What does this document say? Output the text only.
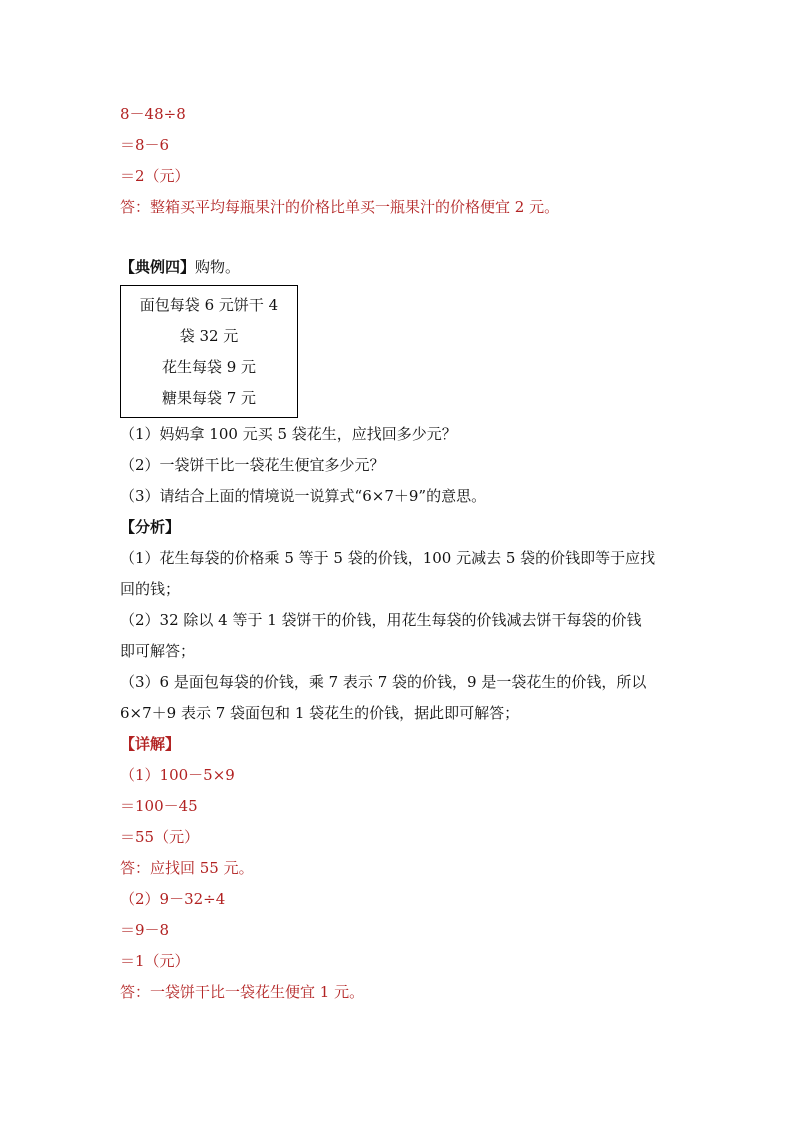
8－48÷8
＝8－6
＝2（元）
答：整箱买平均每瓶果汁的价格比单买一瓶果汁的价格便宜 2 元。
【典例四】购物。
面包每袋 6 元饼干 4
袋 32 元
花生每袋 9 元
糖果每袋 7 元
（1）妈妈拿 100 元买 5 袋花生，应找回多少元？
（2）一袋饼干比一袋花生便宜多少元？
（3）请结合上面的情境说一说算式“6×7＋9”的意思。
【分析】
（1）花生每袋的价格乘 5 等于 5 袋的价钱，100 元减去 5 袋的价钱即等于应找
回的钱；
（2）32 除以 4 等于 1 袋饼干的价钱，用花生每袋的价钱减去饼干每袋的价钱
即可解答；
（3）6 是面包每袋的价钱，乘 7 表示 7 袋的价钱，9 是一袋花生的价钱，所以
6×7＋9 表示 7 袋面包和 1 袋花生的价钱，据此即可解答；
【详解】
（1）100－5×9
＝100－45
＝55（元）
答：应找回 55 元。
（2）9－32÷4
＝9－8
＝1（元）
答：一袋饼干比一袋花生便宜 1 元。
